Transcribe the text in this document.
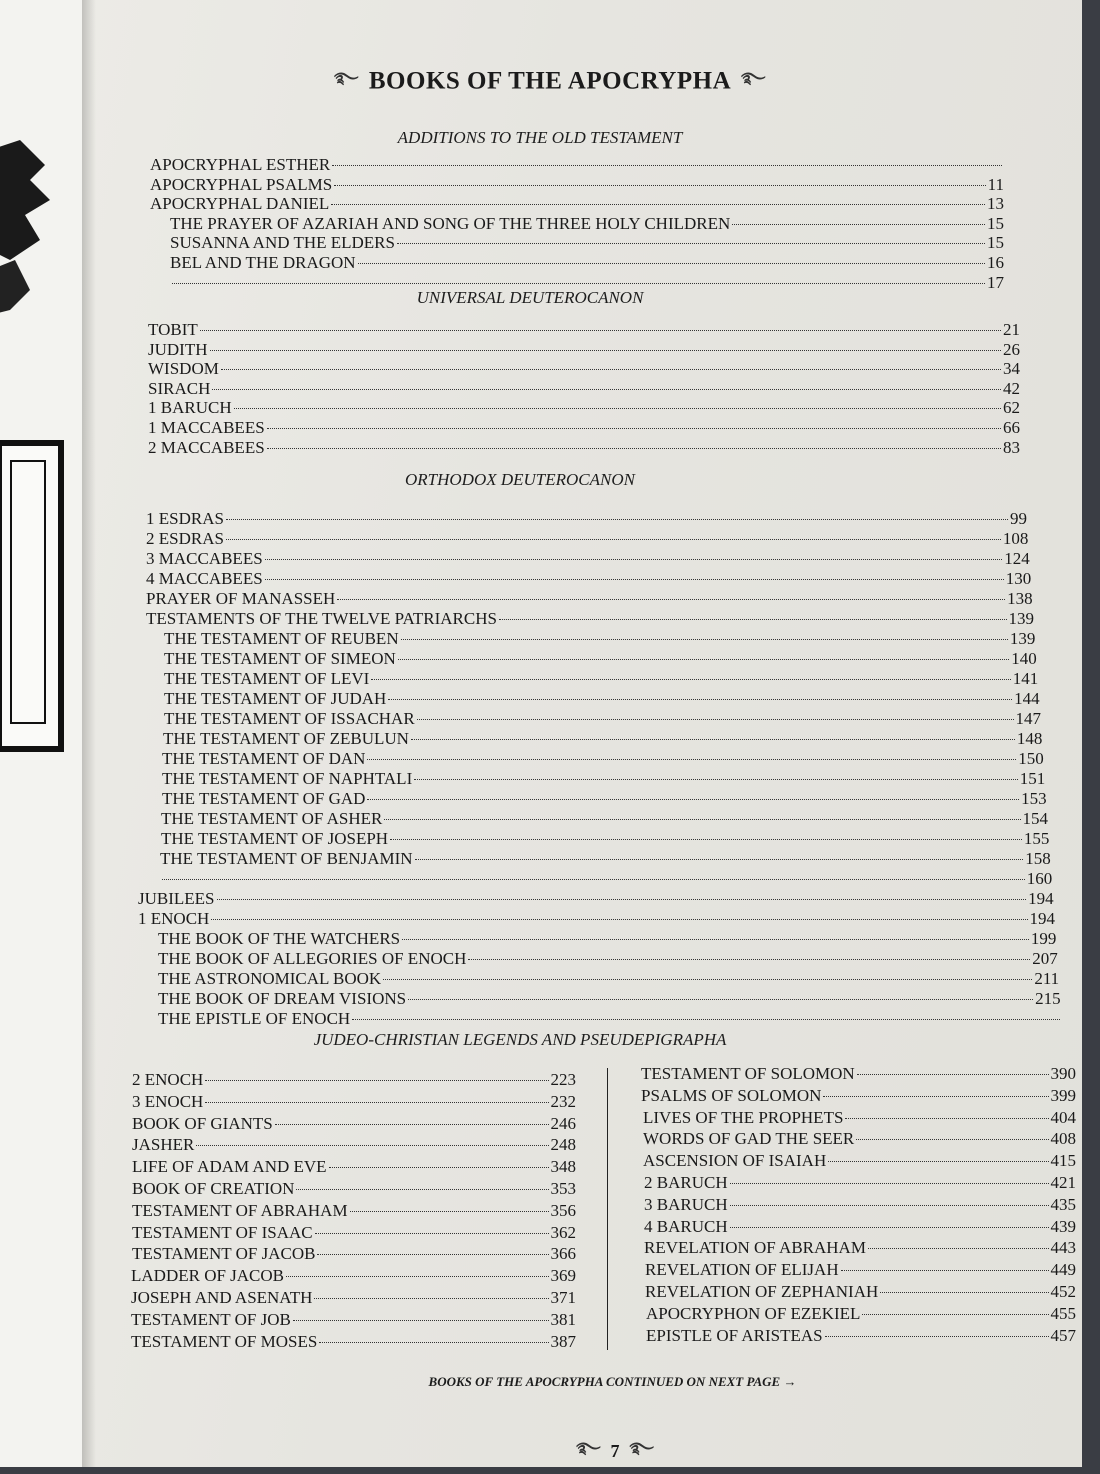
࿐ BOOKS OF THE APOCRYPHA ࿐
ADDITIONS TO THE OLD TESTAMENT
UNIVERSAL DEUTEROCANON
ORTHODOX DEUTEROCANON
JUDEO-CHRISTIAN LEGENDS AND PSEUDEPIGRAPHA
APOCRYPHAL ESTHER
APOCRYPHAL PSALMS	11
APOCRYPHAL DANIEL	13
THE PRAYER OF AZARIAH AND SONG OF THE THREE HOLY CHILDREN	15
SUSANNA AND THE ELDERS	15
BEL AND THE DRAGON	16
17
TOBIT	21
JUDITH	26
WISDOM	34
SIRACH	42
1 BARUCH	62
1 MACCABEES	66
2 MACCABEES	83
1 ESDRAS	99
2 ESDRAS	108
3 MACCABEES	124
4 MACCABEES	130
PRAYER OF MANASSEH	138
TESTAMENTS OF THE TWELVE PATRIARCHS	139
THE TESTAMENT OF REUBEN	139
THE TESTAMENT OF SIMEON	140
THE TESTAMENT OF LEVI	141
THE TESTAMENT OF JUDAH	144
THE TESTAMENT OF ISSACHAR	147
THE TESTAMENT OF ZEBULUN	148
THE TESTAMENT OF DAN	150
THE TESTAMENT OF NAPHTALI	151
THE TESTAMENT OF GAD	153
THE TESTAMENT OF ASHER	154
THE TESTAMENT OF JOSEPH	155
THE TESTAMENT OF BENJAMIN	158
160
JUBILEES	194
1 ENOCH	194
THE BOOK OF THE WATCHERS	199
THE BOOK OF ALLEGORIES OF ENOCH	207
THE ASTRONOMICAL BOOK	211
THE BOOK OF DREAM VISIONS	215
THE EPISTLE OF ENOCH
2 ENOCH	223
3 ENOCH	232
BOOK OF GIANTS	246
JASHER	248
LIFE OF ADAM AND EVE	348
BOOK OF CREATION	353
TESTAMENT OF ABRAHAM	356
TESTAMENT OF ISAAC	362
TESTAMENT OF JACOB	366
LADDER OF JACOB	369
JOSEPH AND ASENATH	371
TESTAMENT OF JOB	381
TESTAMENT OF MOSES	387
TESTAMENT OF SOLOMON	390
PSALMS OF SOLOMON	399
LIVES OF THE PROPHETS	404
WORDS OF GAD THE SEER	408
ASCENSION OF ISAIAH	415
2 BARUCH	421
3 BARUCH	435
4 BARUCH	439
REVELATION OF ABRAHAM	443
REVELATION OF ELIJAH	449
REVELATION OF ZEPHANIAH	452
APOCRYPHON OF EZEKIEL	455
EPISTLE OF ARISTEAS	457
BOOKS OF THE APOCRYPHA CONTINUED ON NEXT PAGE →
࿐ 7 ࿐
